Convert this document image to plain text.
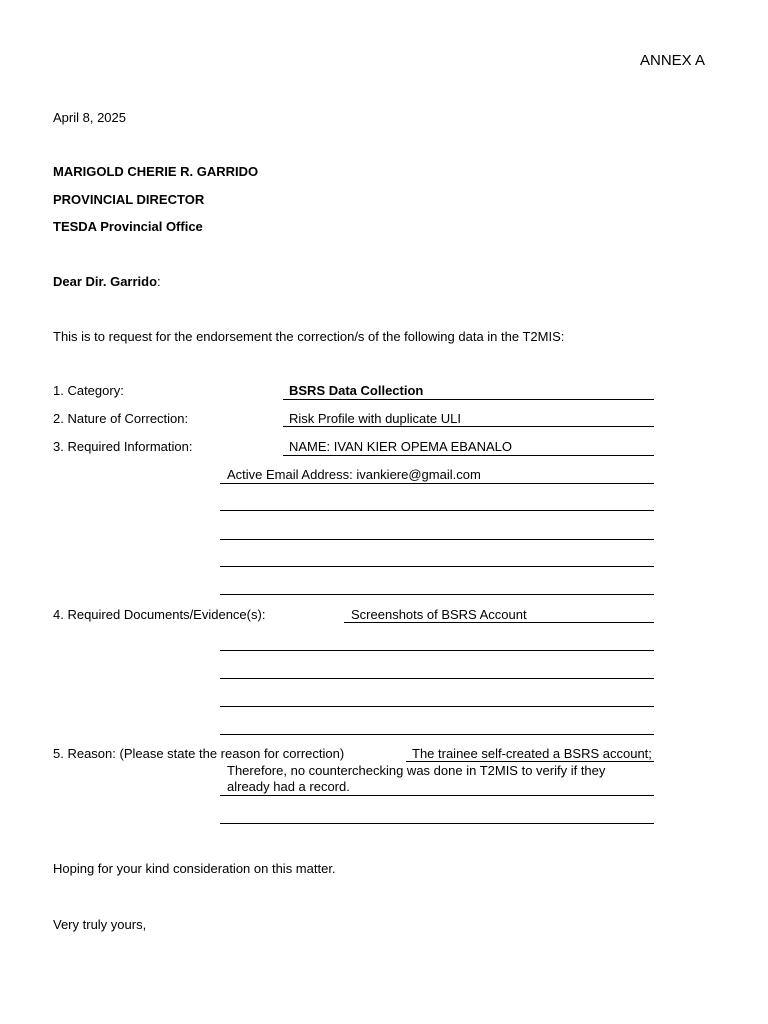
ANNEX A
April 8, 2025
MARIGOLD CHERIE R. GARRIDO
PROVINCIAL DIRECTOR
TESDA Provincial Office
Dear Dir. Garrido:
This is to request for the endorsement the correction/s of the following data in the T2MIS:
1. Category:	BSRS Data Collection
2. Nature of Correction:	Risk Profile with duplicate ULI
3. Required Information:	NAME: IVAN KIER OPEMA EBANALO
Active Email Address: ivankiere@gmail.com
4. Required Documents/Evidence(s):	Screenshots of BSRS Account
5. Reason: (Please state the reason for correction)	The trainee self-created a BSRS account;
Therefore, no counterchecking was done in T2MIS to verify if they already had a record.
Hoping for your kind consideration on this matter.
Very truly yours,
